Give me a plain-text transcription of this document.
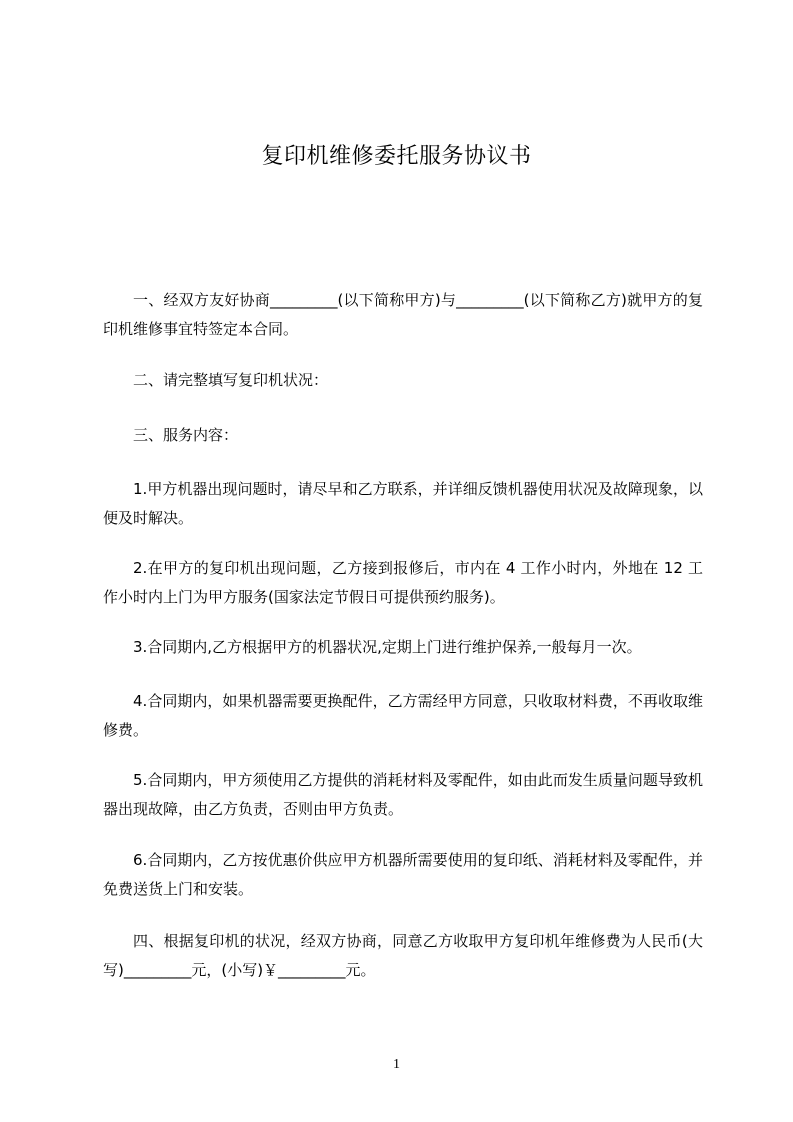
复印机维修委托服务协议书

一、经双方友好协商_________(以下简称甲方)与_________(以下简称乙方)就甲方的复印机维修事宜特签定本合同。

二、请完整填写复印机状况：

三、服务内容：

1.甲方机器出现问题时，请尽早和乙方联系，并详细反馈机器使用状况及故障现象，以便及时解决。

2.在甲方的复印机出现问题，乙方接到报修后，市内在 4 工作小时内，外地在 12 工作小时内上门为甲方服务(国家法定节假日可提供预约服务)。

3.合同期内,乙方根据甲方的机器状况,定期上门进行维护保养,一般每月一次。

4.合同期内，如果机器需要更换配件，乙方需经甲方同意，只收取材料费，不再收取维修费。

5.合同期内，甲方须使用乙方提供的消耗材料及零配件，如由此而发生质量问题导致机器出现故障，由乙方负责，否则由甲方负责。

6.合同期内，乙方按优惠价供应甲方机器所需要使用的复印纸、消耗材料及零配件，并免费送货上门和安装。

四、根据复印机的状况，经双方协商，同意乙方收取甲方复印机年维修费为人民币(大写)_________元，(小写)￥_________元。

1
